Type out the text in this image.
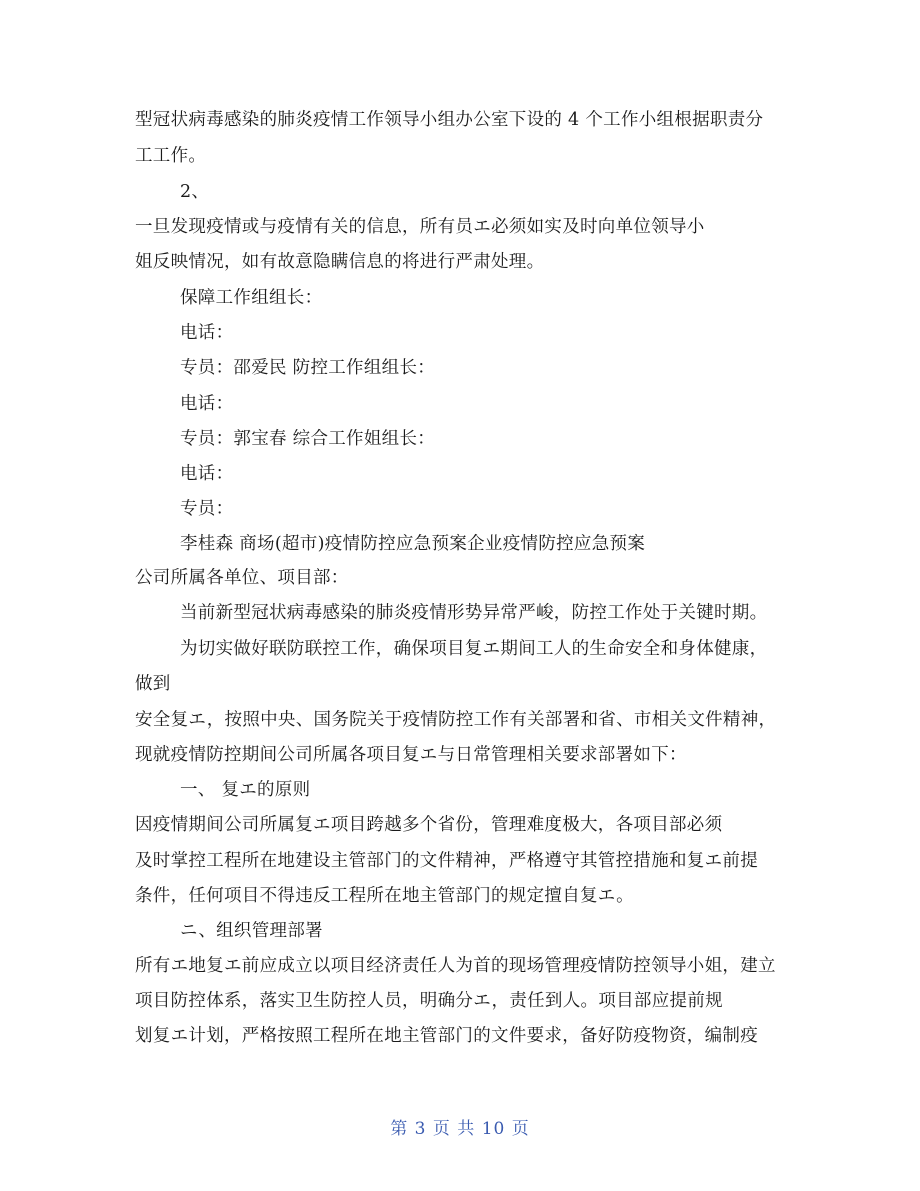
型冠状病毒感染的肺炎疫情工作领导小组办公室下设的 4 个工作小组根据职责分
工工作。
2、
一旦发现疫情或与疫情有关的信息，所有员エ必须如实及时向单位领导小
姐反映情况，如有故意隐瞒信息的将进行严肃处理。
保障工作组组长：
电话：
专员：邵爱民 防控工作组组长：
电话：
专员：郭宝春 综合工作姐组长：
电话：
专员：
李桂森 商场(超市)疫情防控应急预案企业疫情防控应急预案
公司所属各单位、项目部：
当前新型冠状病毒感染的肺炎疫情形势异常严峻，防控工作处于关键时期。
为切实做好联防联控工作，确保项目复エ期间工人的生命安全和身体健康，
做到
安全复エ，按照中央、国务院关于疫情防控工作有关部署和省、市相关文件精神，
现就疫情防控期间公司所属各项目复エ与日常管理相关要求部署如下：
一、 复エ的原则
因疫情期间公司所属复エ项目跨越多个省份，管理难度极大，各项目部必须
及时掌控工程所在地建设主管部门的文件精神，严格遵守其管控措施和复エ前提
条件，任何项目不得违反工程所在地主管部门的规定擅自复エ。
ニ、组织管理部署
所有エ地复エ前应成立以项目经济责任人为首的现场管理疫情防控领导小姐，建立
项目防控体系，落实卫生防控人员，明确分エ，责任到人。项目部应提前规
划复エ计划，严格按照工程所在地主管部门的文件要求，备好防疫物资，编制疫
第 3 页 共 10 页
